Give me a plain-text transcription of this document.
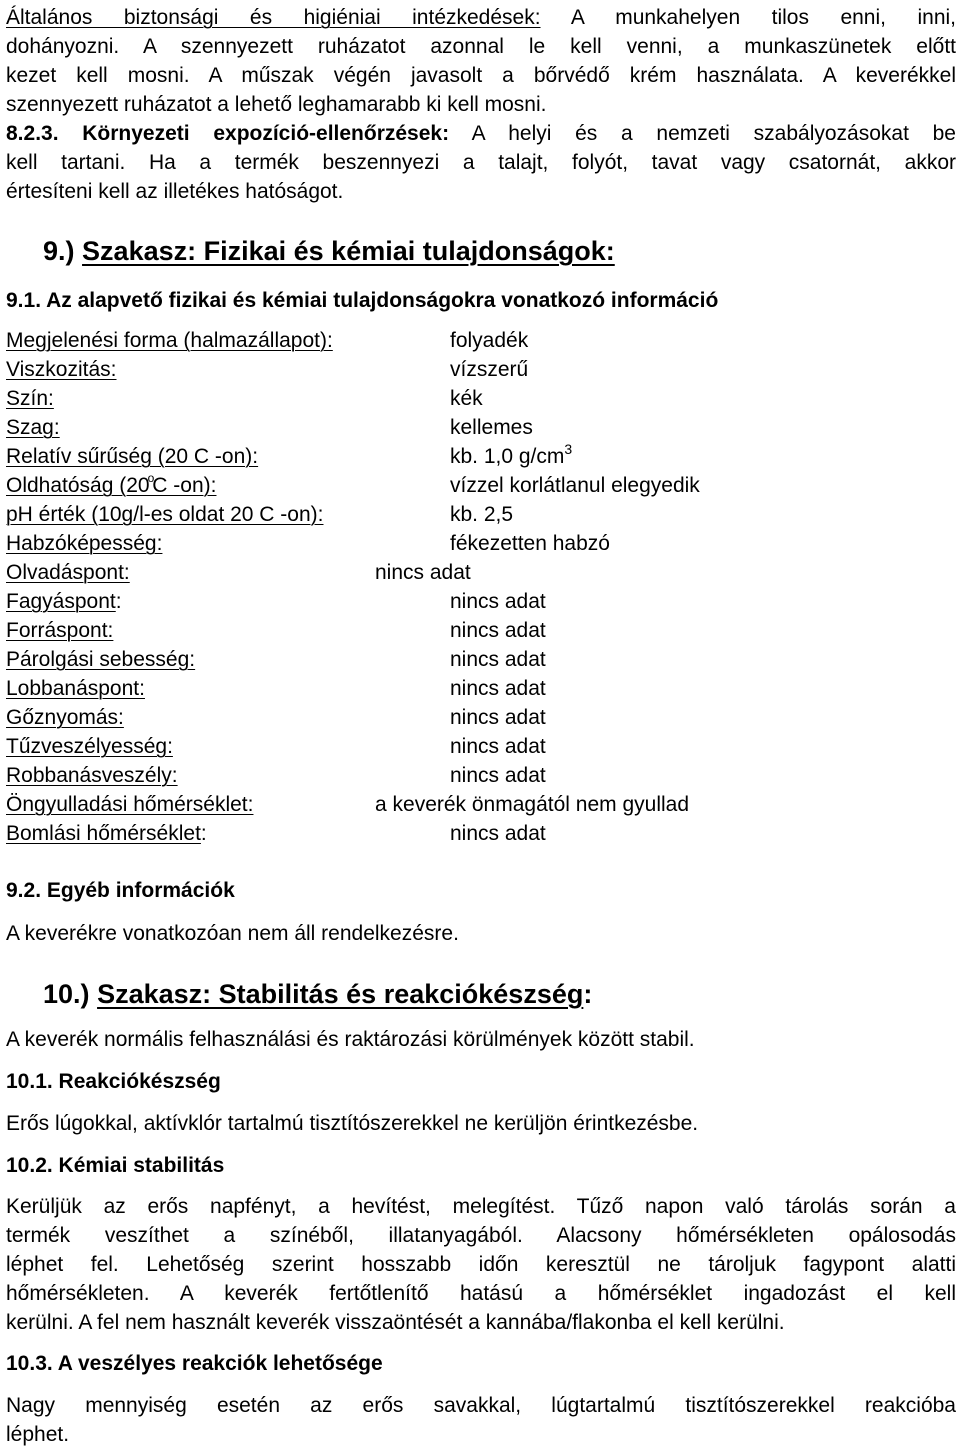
Általános biztonsági és higiéniai intézkedések: A munkahelyen tilos enni, inni,
dohányozni. A szennyezett ruházatot azonnal le kell venni, a munkaszünetek előtt
kezet kell mosni. A műszak végén javasolt a bőrvédő krém használata. A keverékkel
szennyezett ruházatot a lehető leghamarabb ki kell mosni.
8.2.3. Környezeti expozíció-ellenőrzések: A helyi és a nemzeti szabályozásokat be
kell tartani. Ha a termék beszennyezi a talajt, folyót, tavat vagy csatornát, akkor
értesíteni kell az illetékes hatóságot.
9.) Szakasz: Fizikai és kémiai tulajdonságok:
9.1. Az alapvető fizikai és kémiai tulajdonságokra vonatkozó információ
Megjelenési forma (halmazállapot):	folyadék
Viszkozitás:	vízszerű
Szín:	kék
Szag:	kellemes
Relatív sűrűség (20 C -on):	kb. 1,0 $g/cm^3$
Oldhatóság (20$^o$C -on):	vízzel korlátlanul elegyedik
pH érték (10g/l-es oldat 20 C -on):	kb. 2,5
Habzóképesség:	fékezetten habzó
Olvadáspont:	nincs adat
Fagyáspont:	nincs adat
Forráspont:	nincs adat
Párolgási sebesség:	nincs adat
Lobbanáspont:	nincs adat
Gőznyomás:	nincs adat
Tűzveszélyesség:	nincs adat
Robbanásveszély:	nincs adat
Öngyulladási hőmérséklet:	a keverék önmagától nem gyullad
Bomlási hőmérséklet:	nincs adat
9.2. Egyéb információk
A keverékre vonatkozóan nem áll rendelkezésre.
10.) Szakasz: Stabilitás és reakciókészség:
A keverék normális felhasználási és raktározási körülmények között stabil.
10.1. Reakciókészség
Erős lúgokkal, aktívklór tartalmú tisztítószerekkel ne kerüljön érintkezésbe.
10.2. Kémiai stabilitás
Kerüljük az erős napfényt, a hevítést, melegítést. Tűző napon való tárolás során a
termék veszíthet a színéből, illatanyagából. Alacsony hőmérsékleten opálosodás
léphet fel. Lehetőség szerint hosszabb időn keresztül ne tároljuk fagypont alatti
hőmérsékleten. A keverék fertőtlenítő hatású a hőmérséklet ingadozást el kell
kerülni. A fel nem használt keverék visszaöntését a kannába/flakonba el kell kerülni.
10.3. A veszélyes reakciók lehetősége
Nagy mennyiség esetén az erős savakkal, lúgtartalmú tisztítószerekkel reakcióba
léphet.
